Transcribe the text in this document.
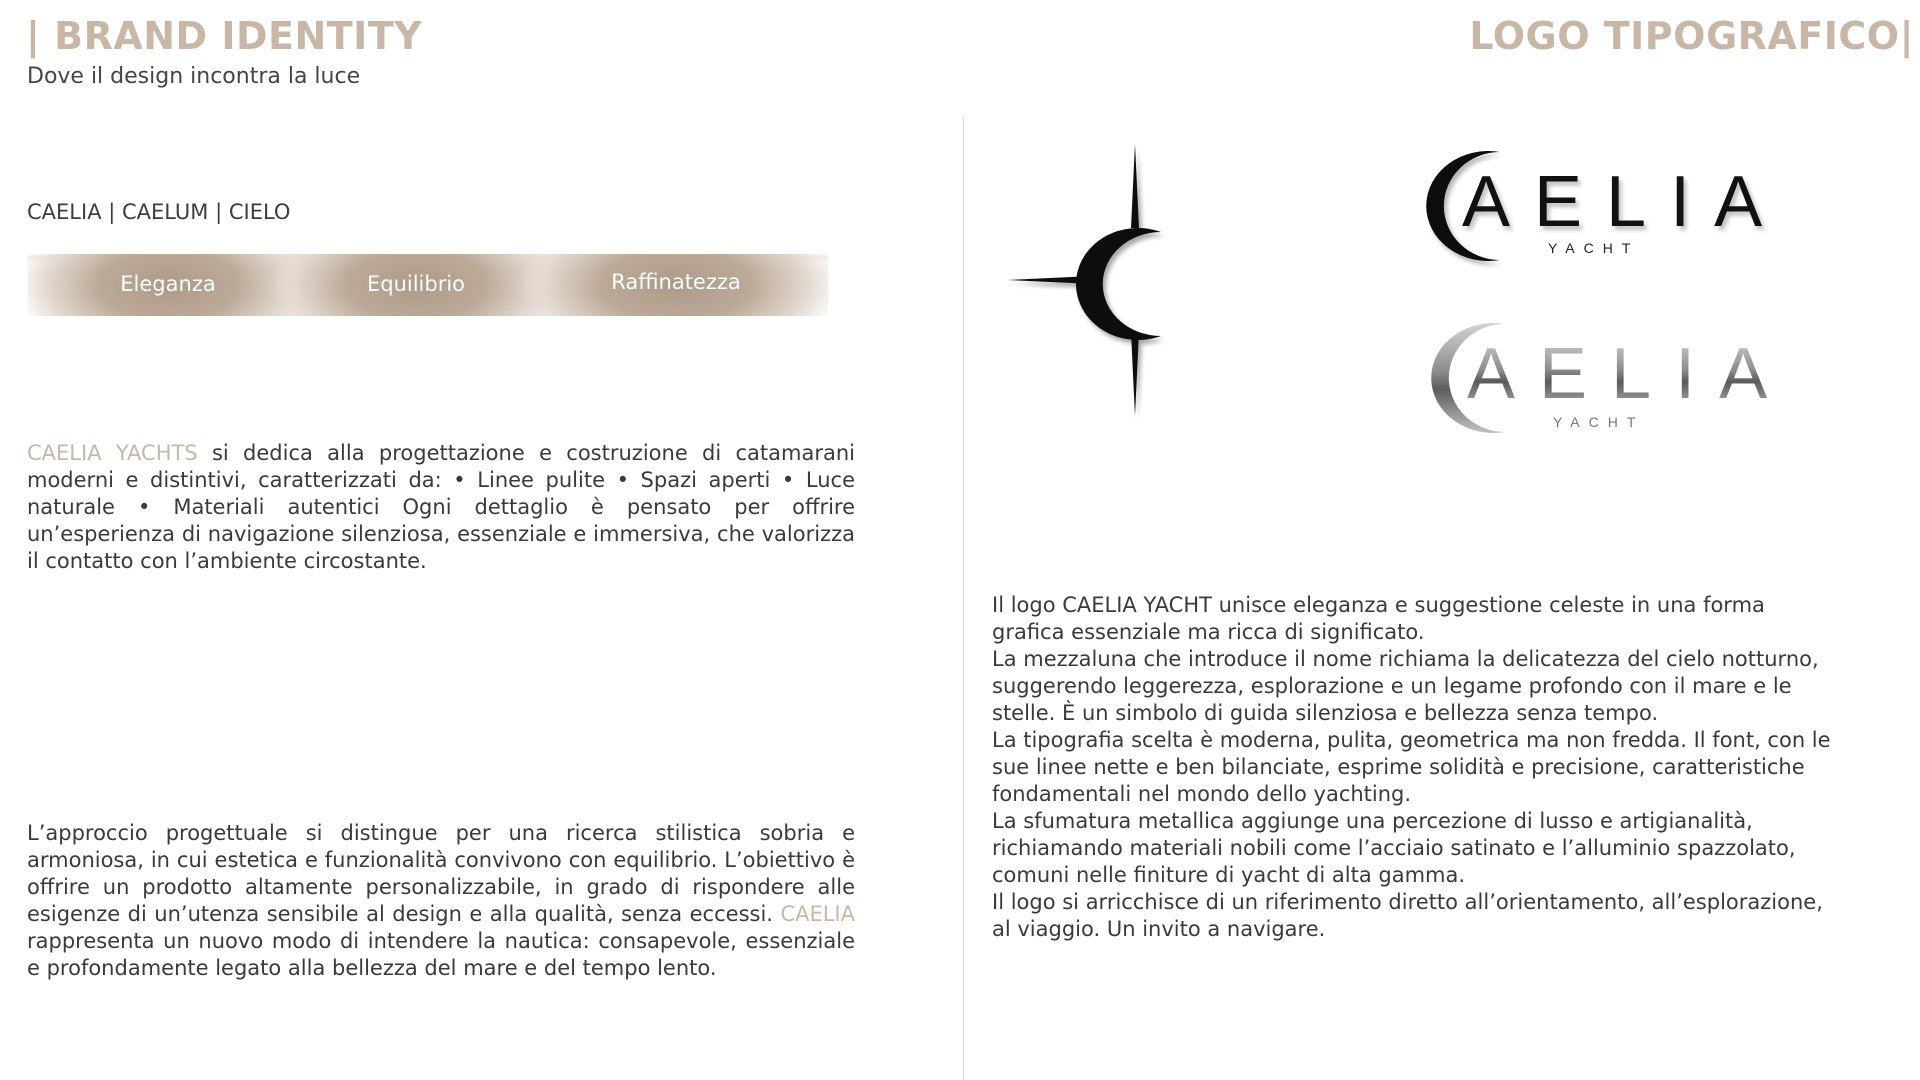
| BRAND IDENTITY
Dove il design incontra la luce
LOGO TIPOGRAFICO|
CAELIA | CAELUM | CIELO
Eleganza	Equilibrio	Raffinatezza

CAELIA YACHTS si dedica alla progettazione e costruzione di catamarani moderni e distintivi, caratterizzati da: • Linee pulite • Spazi aperti • Luce naturale • Materiali autentici Ogni dettaglio è pensato per offrire un’esperienza di navigazione silenziosa, essenziale e immersiva, che valorizza il contatto con l’ambiente circostante.

L’approccio progettuale si distingue per una ricerca stilistica sobria e armoniosa, in cui estetica e funzionalità convivono con equilibrio. L’obiettivo è offrire un prodotto altamente personalizzabile, in grado di rispondere alle esigenze di un’utenza sensibile al design e alla qualità, senza eccessi. CAELIA rappresenta un nuovo modo di intendere la nautica: consapevole, essenziale e profondamente legato alla bellezza del mare e del tempo lento.

AELIA
YACHT
AELIA
YACHT

Il logo CAELIA YACHT unisce eleganza e suggestione celeste in una forma grafica essenziale ma ricca di significato.

La mezzaluna che introduce il nome richiama la delicatezza del cielo notturno, suggerendo leggerezza, esplorazione e un legame profondo con il mare e le stelle. È un simbolo di guida silenziosa e bellezza senza tempo.

La tipografia scelta è moderna, pulita, geometrica ma non fredda. Il font, con le sue linee nette e ben bilanciate, esprime solidità e precisione, caratteristiche fondamentali nel mondo dello yachting.

La sfumatura metallica aggiunge una percezione di lusso e artigianalità, richiamando materiali nobili come l’acciaio satinato e l’alluminio spazzolato, comuni nelle finiture di yacht di alta gamma.

Il logo si arricchisce di un riferimento diretto all’orientamento, all’esplorazione, al viaggio. Un invito a navigare.
